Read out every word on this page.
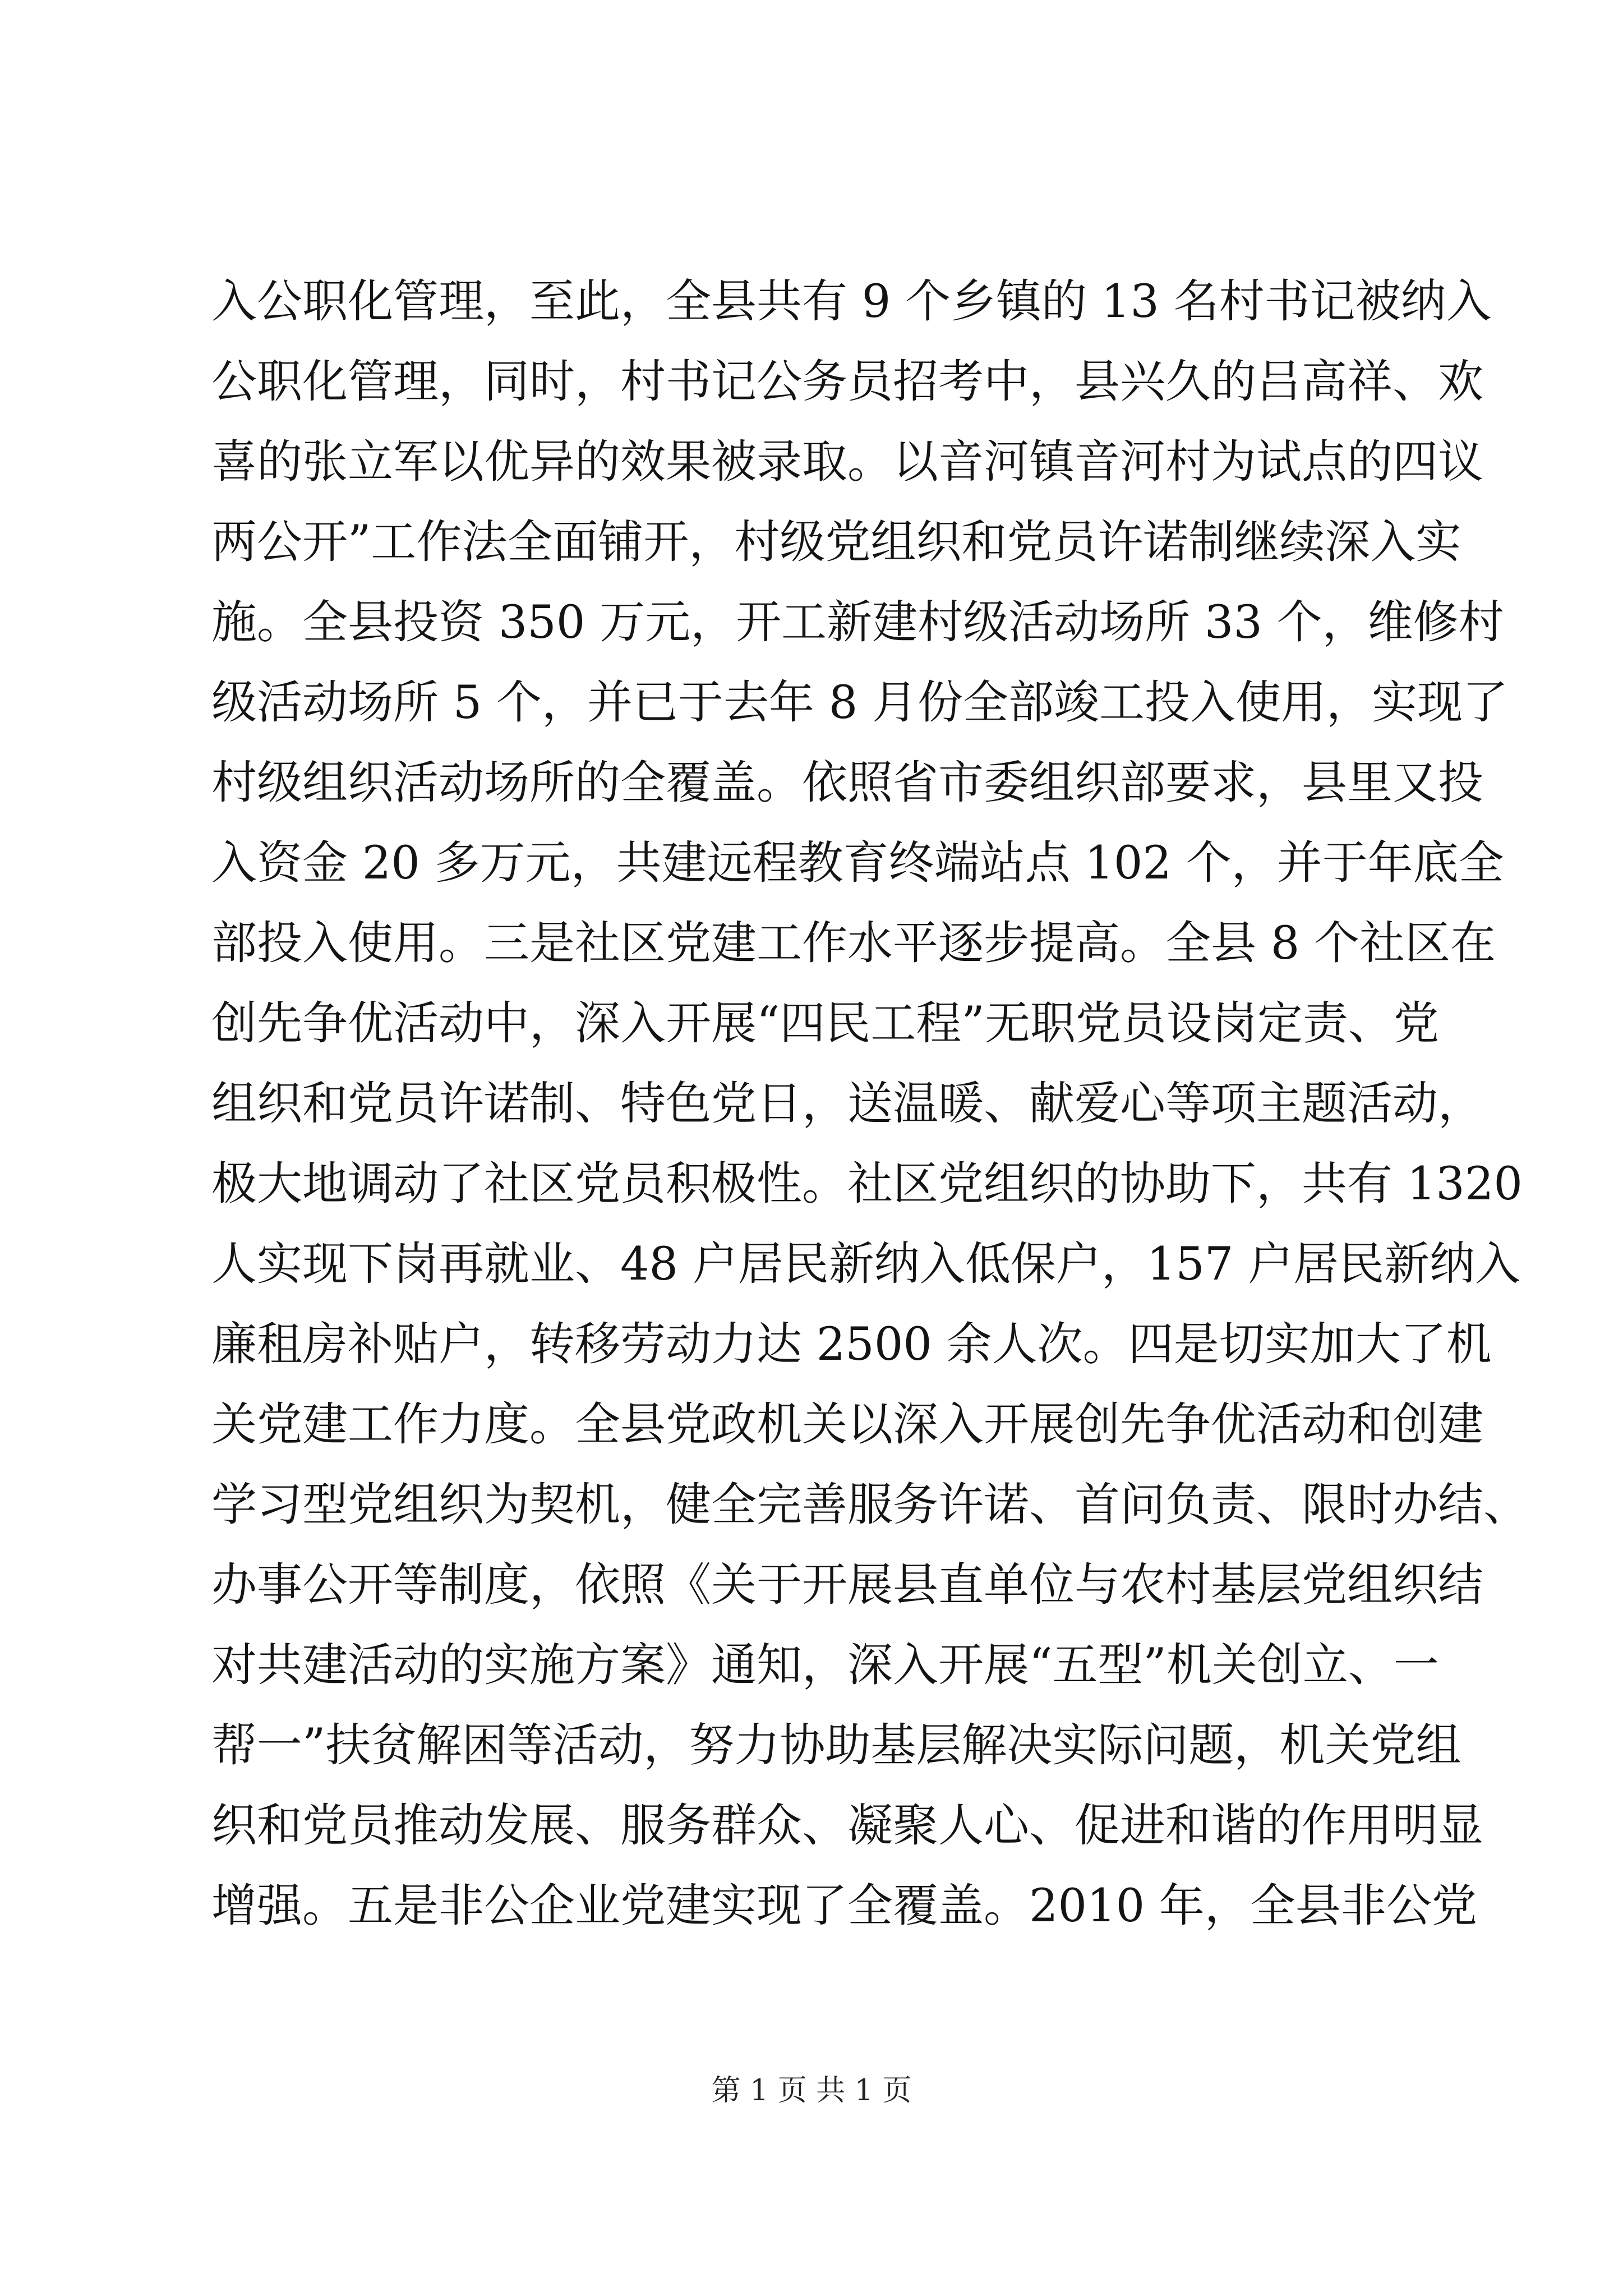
入公职化管理，至此，全县共有 9 个乡镇的 13 名村书记被纳入
公职化管理，同时，村书记公务员招考中，县兴久的吕高祥、欢
喜的张立军以优异的效果被录取。以音河镇音河村为试点的四议
两公开”工作法全面铺开，村级党组织和党员许诺制继续深入实
施。全县投资 350 万元，开工新建村级活动场所 33 个，维修村
级活动场所 5 个，并已于去年 8 月份全部竣工投入使用，实现了
村级组织活动场所的全覆盖。依照省市委组织部要求，县里又投
入资金 20 多万元，共建远程教育终端站点 102 个，并于年底全
部投入使用。三是社区党建工作水平逐步提高。全县 8 个社区在
创先争优活动中，深入开展“四民工程”无职党员设岗定责、党
组织和党员许诺制、特色党日，送温暖、献爱心等项主题活动，
极大地调动了社区党员积极性。社区党组织的协助下，共有 1320
人实现下岗再就业、48 户居民新纳入低保户，157 户居民新纳入
廉租房补贴户，转移劳动力达 2500 余人次。四是切实加大了机
关党建工作力度。全县党政机关以深入开展创先争优活动和创建
学习型党组织为契机，健全完善服务许诺、首问负责、限时办结、
办事公开等制度，依照《关于开展县直单位与农村基层党组织结
对共建活动的实施方案》通知，深入开展“五型”机关创立、一
帮一”扶贫解困等活动，努力协助基层解决实际问题，机关党组
织和党员推动发展、服务群众、凝聚人心、促进和谐的作用明显
增强。五是非公企业党建实现了全覆盖。2010 年，全县非公党
第 1 页 共 1 页
